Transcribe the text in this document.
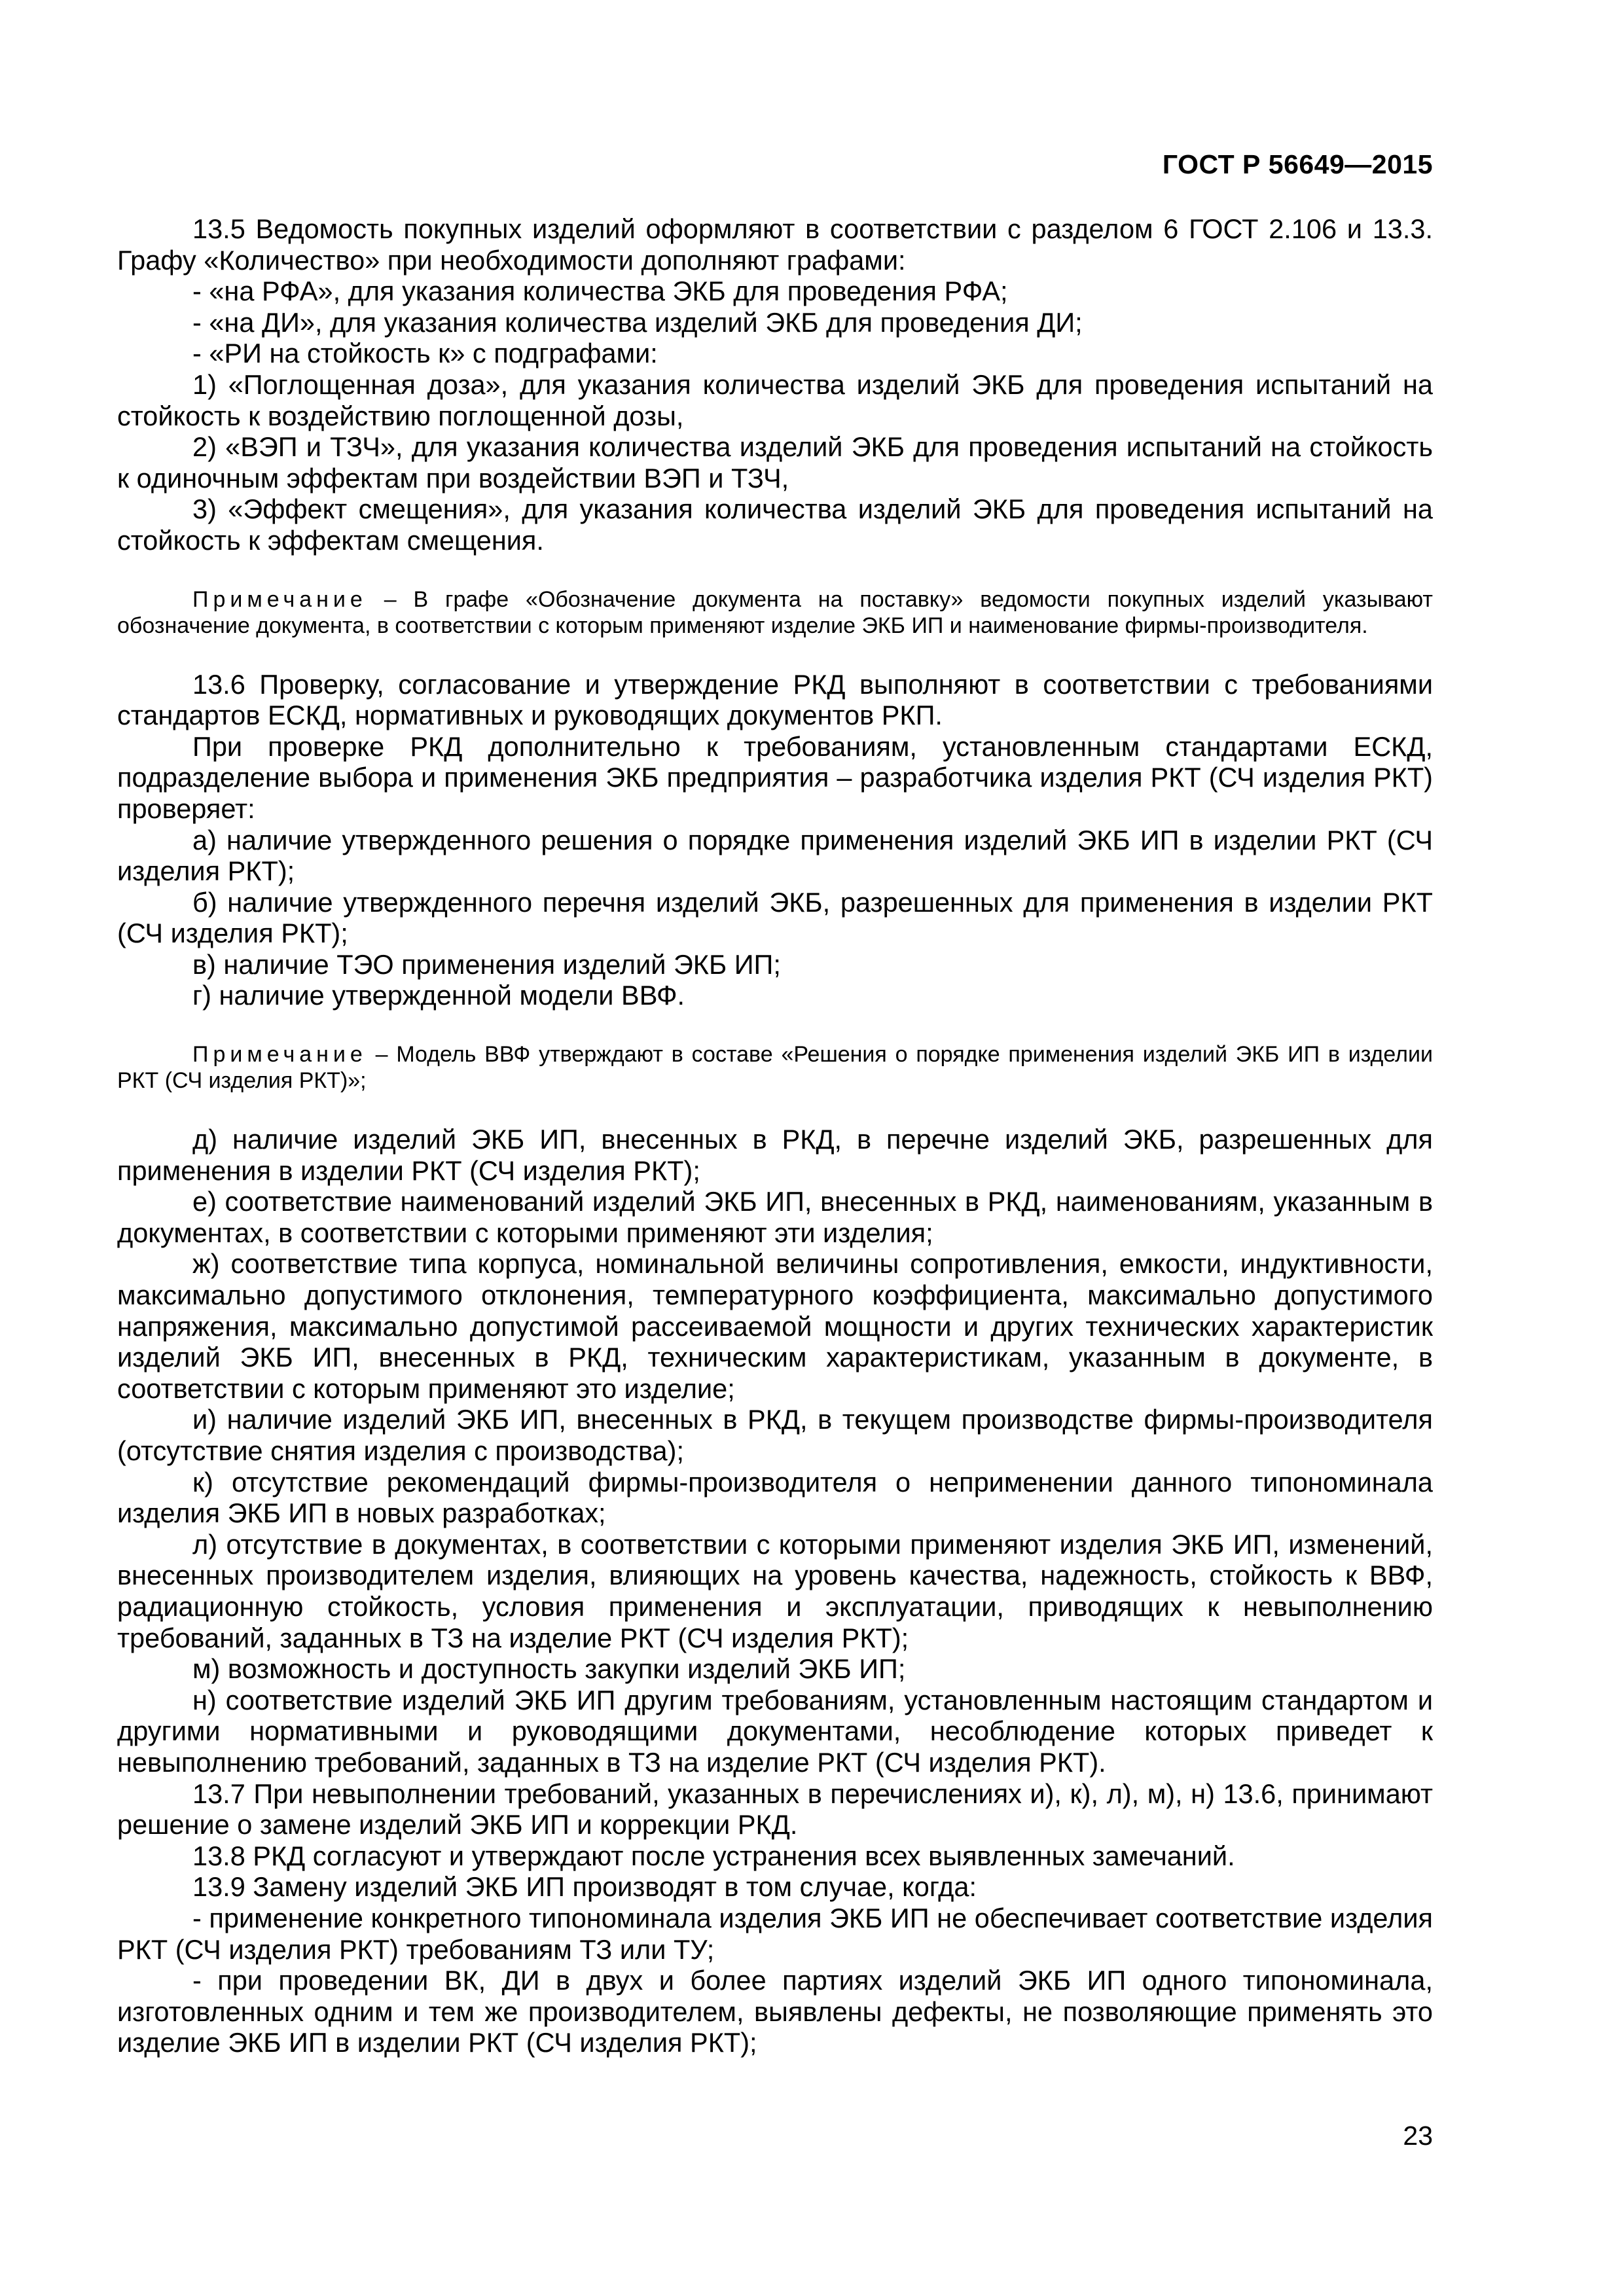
ГОСТ Р 56649—2015

13.5 Ведомость покупных изделий оформляют в соответствии с разделом 6 ГОСТ 2.106 и 13.3. Графу «Количество» при необходимости дополняют графами:

- «на РФА», для указания количества ЭКБ для проведения РФА;

- «на ДИ», для указания количества изделий ЭКБ для проведения ДИ;

- «РИ на стойкость к» с подграфами:

1) «Поглощенная доза», для указания количества изделий ЭКБ для проведения испытаний на стойкость к воздействию поглощенной дозы,

2) «ВЭП и ТЗЧ», для указания количества изделий ЭКБ для проведения испытаний на стойкость к одиночным эффектам при воздействии ВЭП и ТЗЧ,

3) «Эффект смещения», для указания количества изделий ЭКБ для проведения испытаний на стойкость к эффектам смещения.

Примечание – В графе «Обозначение документа на поставку» ведомости покупных изделий указывают обозначение документа, в соответствии с которым применяют изделие ЭКБ ИП и наименование фирмы-производителя.

13.6 Проверку, согласование и утверждение РКД выполняют в соответствии с требованиями стандартов ЕСКД, нормативных и руководящих документов РКП.

При проверке РКД дополнительно к требованиям, установленным стандартами ЕСКД, подразделение выбора и применения ЭКБ предприятия – разработчика изделия РКТ (СЧ изделия РКТ) проверяет:

а) наличие утвержденного решения о порядке применения изделий ЭКБ ИП в изделии РКТ (СЧ изделия РКТ);

б) наличие утвержденного перечня изделий ЭКБ, разрешенных для применения в изделии РКТ (СЧ изделия РКТ);

в) наличие ТЭО применения изделий ЭКБ ИП;

г) наличие утвержденной модели ВВФ.

Примечание – Модель ВВФ утверждают в составе «Решения о порядке применения изделий ЭКБ ИП в изделии РКТ (СЧ изделия РКТ)»;

д) наличие изделий ЭКБ ИП, внесенных в РКД, в перечне изделий ЭКБ, разрешенных для применения в изделии РКТ (СЧ изделия РКТ);

е) соответствие наименований изделий ЭКБ ИП, внесенных в РКД, наименованиям, указанным в документах, в соответствии с которыми применяют эти изделия;

ж) соответствие типа корпуса, номинальной величины сопротивления, емкости, индуктивности, максимально допустимого отклонения, температурного коэффициента, максимально допустимого напряжения, максимально допустимой рассеиваемой мощности и других технических характеристик изделий ЭКБ ИП, внесенных в РКД, техническим характеристикам, указанным в документе, в соответствии с которым применяют это изделие;

и) наличие изделий ЭКБ ИП, внесенных в РКД, в текущем производстве фирмы-производителя (отсутствие снятия изделия с производства);

к) отсутствие рекомендаций фирмы-производителя о неприменении данного типономинала изделия ЭКБ ИП в новых разработках;

л) отсутствие в документах, в соответствии с которыми применяют изделия ЭКБ ИП, изменений, внесенных производителем изделия, влияющих на уровень качества, надежность, стойкость к ВВФ, радиационную стойкость, условия применения и эксплуатации, приводящих к невыполнению требований, заданных в ТЗ на изделие РКТ (СЧ изделия РКТ);

м) возможность и доступность закупки изделий ЭКБ ИП;

н) соответствие изделий ЭКБ ИП другим требованиям, установленным настоящим стандартом и другими нормативными и руководящими документами, несоблюдение которых приведет к невыполнению требований, заданных в ТЗ на изделие РКТ (СЧ изделия РКТ).

13.7 При невыполнении требований, указанных в перечислениях и), к), л), м), н) 13.6, принимают решение о замене изделий ЭКБ ИП и коррекции РКД.

13.8 РКД согласуют и утверждают после устранения всех выявленных замечаний.

13.9 Замену изделий ЭКБ ИП производят в том случае, когда:

- применение конкретного типономинала изделия ЭКБ ИП не обеспечивает соответствие изделия РКТ (СЧ изделия РКТ) требованиям ТЗ или ТУ;

- при проведении ВК, ДИ в двух и более партиях изделий ЭКБ ИП одного типономинала, изготовленных одним и тем же производителем, выявлены дефекты, не позволяющие применять это изделие ЭКБ ИП в изделии РКТ (СЧ изделия РКТ);

23
